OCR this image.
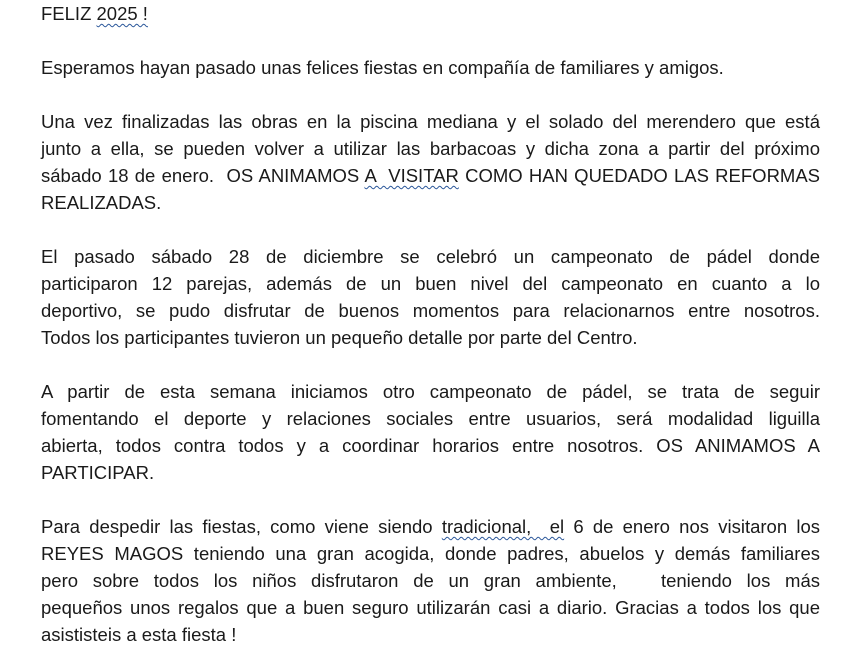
FELIZ 2025 !
Esperamos hayan pasado unas felices fiestas en compañía de familiares y amigos.
Una vez finalizadas las obras en la piscina mediana y el solado del merendero que está
junto a ella, se pueden volver a utilizar las barbacoas y dicha zona a partir del próximo
sábado 18 de enero.  OS ANIMAMOS A  VISITAR COMO HAN QUEDADO LAS REFORMAS
REALIZADAS.
El pasado sábado 28 de diciembre se celebró un campeonato de pádel donde
participaron 12 parejas, además de un buen nivel del campeonato en cuanto a lo
deportivo, se pudo disfrutar de buenos momentos para relacionarnos entre nosotros.
Todos los participantes tuvieron un pequeño detalle por parte del Centro.
A partir de esta semana iniciamos otro campeonato de pádel, se trata de seguir
fomentando el deporte y relaciones sociales entre usuarios, será modalidad liguilla
abierta, todos contra todos y a coordinar horarios entre nosotros. OS ANIMAMOS A
PARTICIPAR.
Para despedir las fiestas, como viene siendo tradicional,  el 6 de enero nos visitaron los
REYES MAGOS teniendo una gran acogida, donde padres, abuelos y demás familiares
pero sobre todos los niños disfrutaron de un gran ambiente,   teniendo los más
pequeños unos regalos que a buen seguro utilizarán casi a diario. Gracias a todos los que
asististeis a esta fiesta !
